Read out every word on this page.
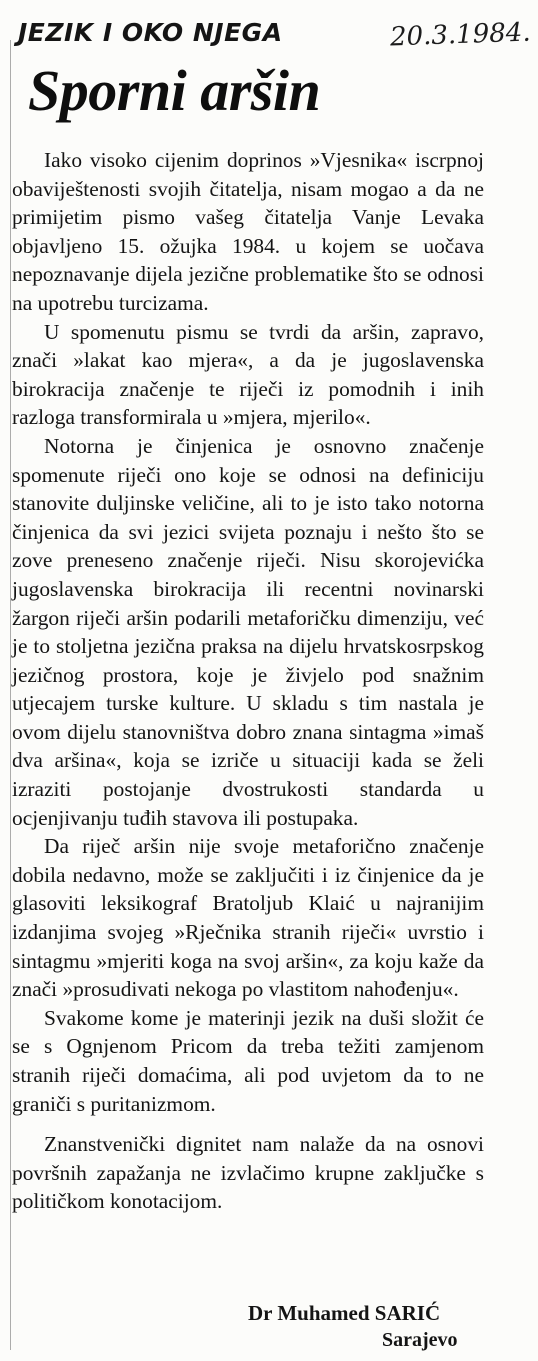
JEZIK I OKO NJEGA	20.3.1984.
Sporni aršin

Iako visoko cijenim doprinos »Vjesnika« iscrpnoj obaviještenosti svojih čitatelja, nisam mogao a da ne primijetim pismo vašeg čitatelja Vanje Levaka objavljeno 15. ožujka 1984. u kojem se uočava nepoznavanje dijela jezične problematike što se odnosi na upotrebu turcizama.

U spomenutu pismu se tvrdi da aršin, zapravo, znači »lakat kao mjera«, a da je jugoslavenska birokracija značenje te riječi iz pomodnih i inih razloga transformirala u »mjera, mjerilo«.

Notorna je činjenica je osnovno značenje spomenute riječi ono koje se odnosi na definiciju stanovite duljinske veličine, ali to je isto tako notorna činjenica da svi jezici svijeta poznaju i nešto što se zove preneseno značenje riječi. Nisu skorojevićka jugoslavenska birokracija ili recentni novinarski žargon riječi aršin podarili metaforičku dimenziju, već je to stoljetna jezična praksa na dijelu hrvatskosrpskog jezičnog prostora, koje je živjelo pod snažnim utjecajem turske kulture. U skladu s tim nastala je ovom dijelu stanovništva dobro znana sintagma »imaš dva aršina«, koja se izriče u situaciji kada se želi izraziti postojanje dvostrukosti standarda u ocjenjivanju tuđih stavova ili postupaka.

Da riječ aršin nije svoje metaforično značenje dobila nedavno, može se zaključiti i iz činjenice da je glasoviti leksikograf Bratoljub Klaić u najranijim izdanjima svojeg »Rječnika stranih riječi« uvrstio i sintagmu »mjeriti koga na svoj aršin«, za koju kaže da znači »prosudivati nekoga po vlastitom nahođenju«.

Svakome kome je materinji jezik na duši složit će se s Ognjenom Pricom da treba težiti zamjenom stranih riječi domaćima, ali pod uvjetom da to ne graniči s puritanizmom.

Znanstvenički dignitet nam nalaže da na osnovi površnih zapažanja ne izvlačimo krupne zaključke s političkom konotacijom.

Dr Muhamed SARIĆ
Sarajevo
